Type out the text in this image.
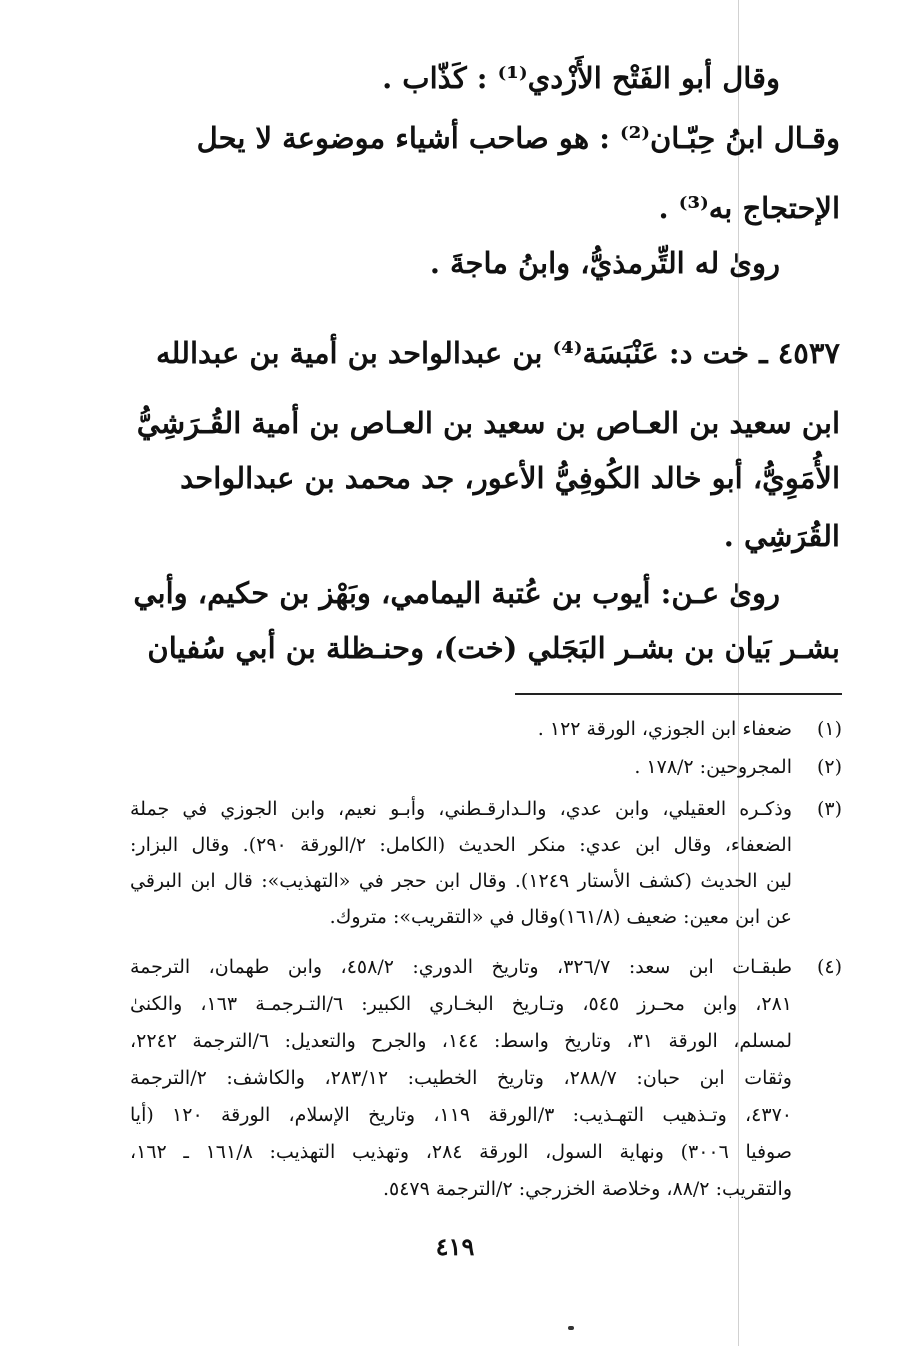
وقال أبو الفَتْح الأَزْدي⁽¹⁾ : كَذّاب .
وقـال ابنُ حِبّـان⁽²⁾ : هو صاحب أشياء موضوعة لا يحل
الإحتجاج به⁽³⁾ .
روىٰ له التِّرمذيُّ، وابنُ ماجةَ .
٤٥٣٧ ـ خت د: عَنْبَسَة⁽⁴⁾ بن عبدالواحد بن أمية بن عبدالله
ابن سعيد بن العـاص بن سعيد بن العـاص بن أمية القُـرَشِيُّ
الأُمَوِيُّ، أبو خالد الكُوفِيُّ الأعور، جد محمد بن عبدالواحد
القُرَشِي .
روىٰ عـن: أيوب بن عُتبة اليمامي، وبَهْز بن حكيم، وأبي
بشـر بَيان بن بشـر البَجَلي (خت)، وحنـظلة بن أبي سُفيان
(١)
ضعفاء ابن الجوزي، الورقة ١٢٢ .
(٢)
المجروحين: ١٧٨/٢ .
(٣)
وذكـره العقيلي، وابن عدي، والـدارقـطني، وأبـو نعيم، وابن الجوزي في جملة
الضعفاء، وقال ابن عدي: منكر الحديث (الكامل: ٢/الورقة ٢٩٠). وقال البزار:
لين الحديث (كشف الأستار ١٢٤٩). وقال ابن حجر في «التهذيب»: قال ابن البرقي
عن ابن معين: ضعيف (١٦١/٨)وقال في «التقريب»: متروك.
(٤)
طبقـات ابن سعد: ٣٢٦/٧، وتاريخ الدوري: ٤٥٨/٢، وابن طهمان، الترجمة
٢٨١، وابن محـرز ٥٤٥، وتـاريخ البخـاري الكبير: ٦/التـرجمـة ١٦٣، والكنىٰ
لمسلم، الورقة ٣١، وتاريخ واسط: ١٤٤، والجرح والتعديل: ٦/الترجمة ٢٢٤٢،
وثقات ابن حبان: ٢٨٨/٧، وتاريخ الخطيب: ٢٨٣/١٢، والكاشف: ٢/الترجمة
٤٣٧٠، وتـذهيب التهـذيب: ٣/الورقة ١١٩، وتاريخ الإسلام، الورقة ١٢٠ (أيا
صوفيا ٣٠٠٦) ونهاية السول، الورقة ٢٨٤، وتهذيب التهذيب: ١٦١/٨ ـ ١٦٢،
والتقريب: ٨٨/٢، وخلاصة الخزرجي: ٢/الترجمة ٥٤٧٩.
٤١٩
